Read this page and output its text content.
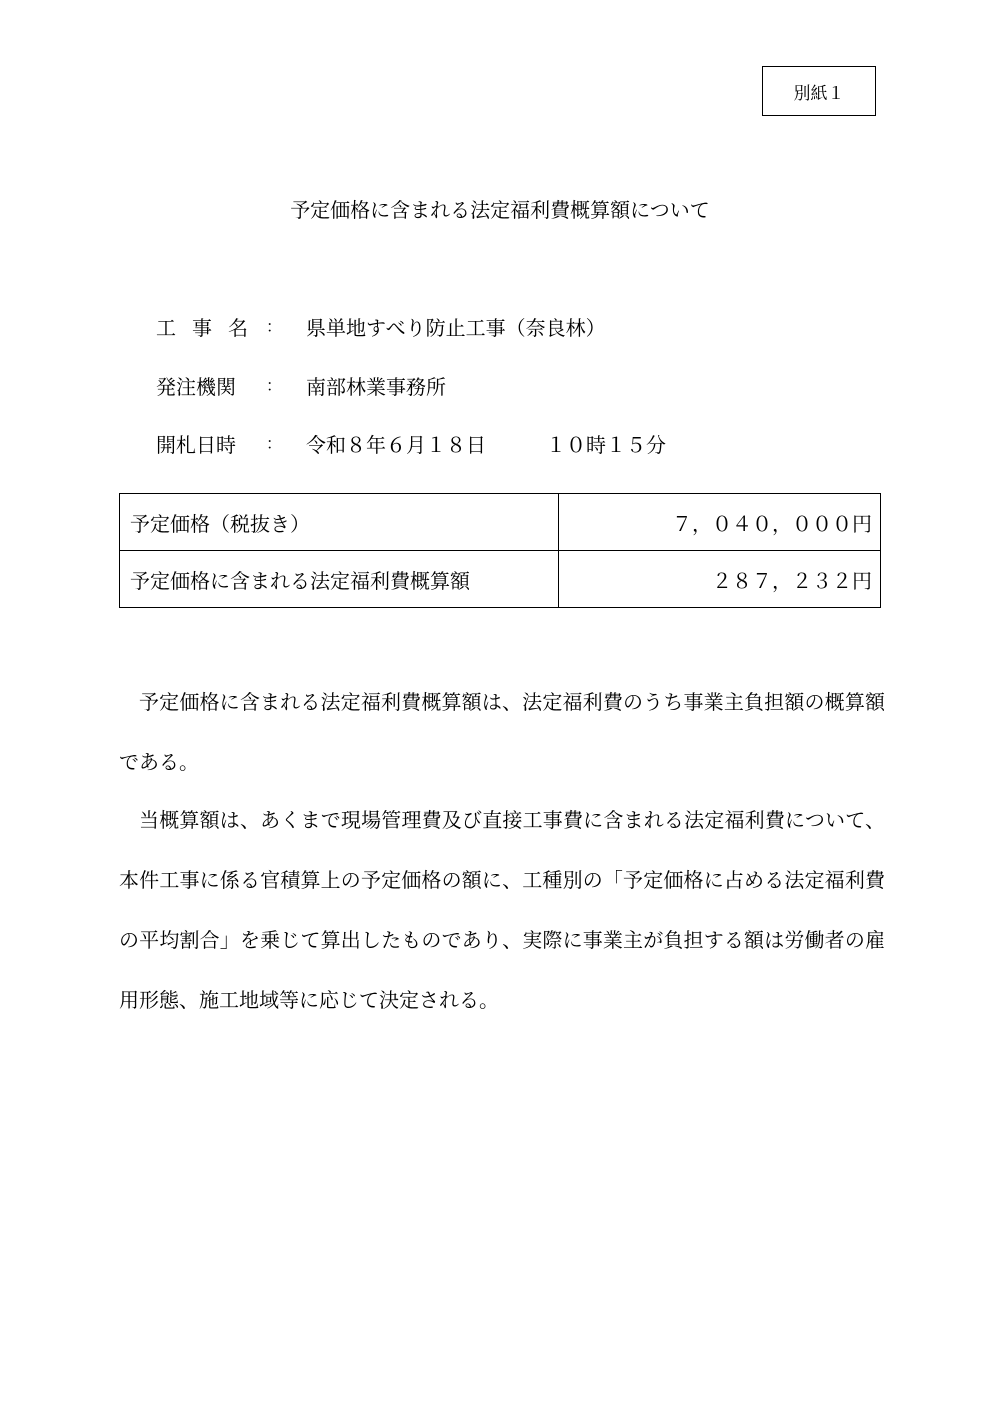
別紙１
予定価格に含まれる法定福利費概算額について
工 事 名 ： 県単地すべり防止工事（奈良林）
発注機関	： 南部林業事務所
開札日時	： 令和８年６月１８日　　　１０時１５分
予定価格（税抜き）	７，０４０，０００円
予定価格に含まれる法定福利費概算額	２８７，２３２円

予定価格に含まれる法定福利費概算額は、法定福利費のうち事業主負担額の概算額である。

当概算額は、あくまで現場管理費及び直接工事費に含まれる法定福利費について、本件工事に係る官積算上の予定価格の額に、工種別の「予定価格に占める法定福利費の平均割合」を乗じて算出したものであり、実際に事業主が負担する額は労働者の雇用形態、施工地域等に応じて決定される。
